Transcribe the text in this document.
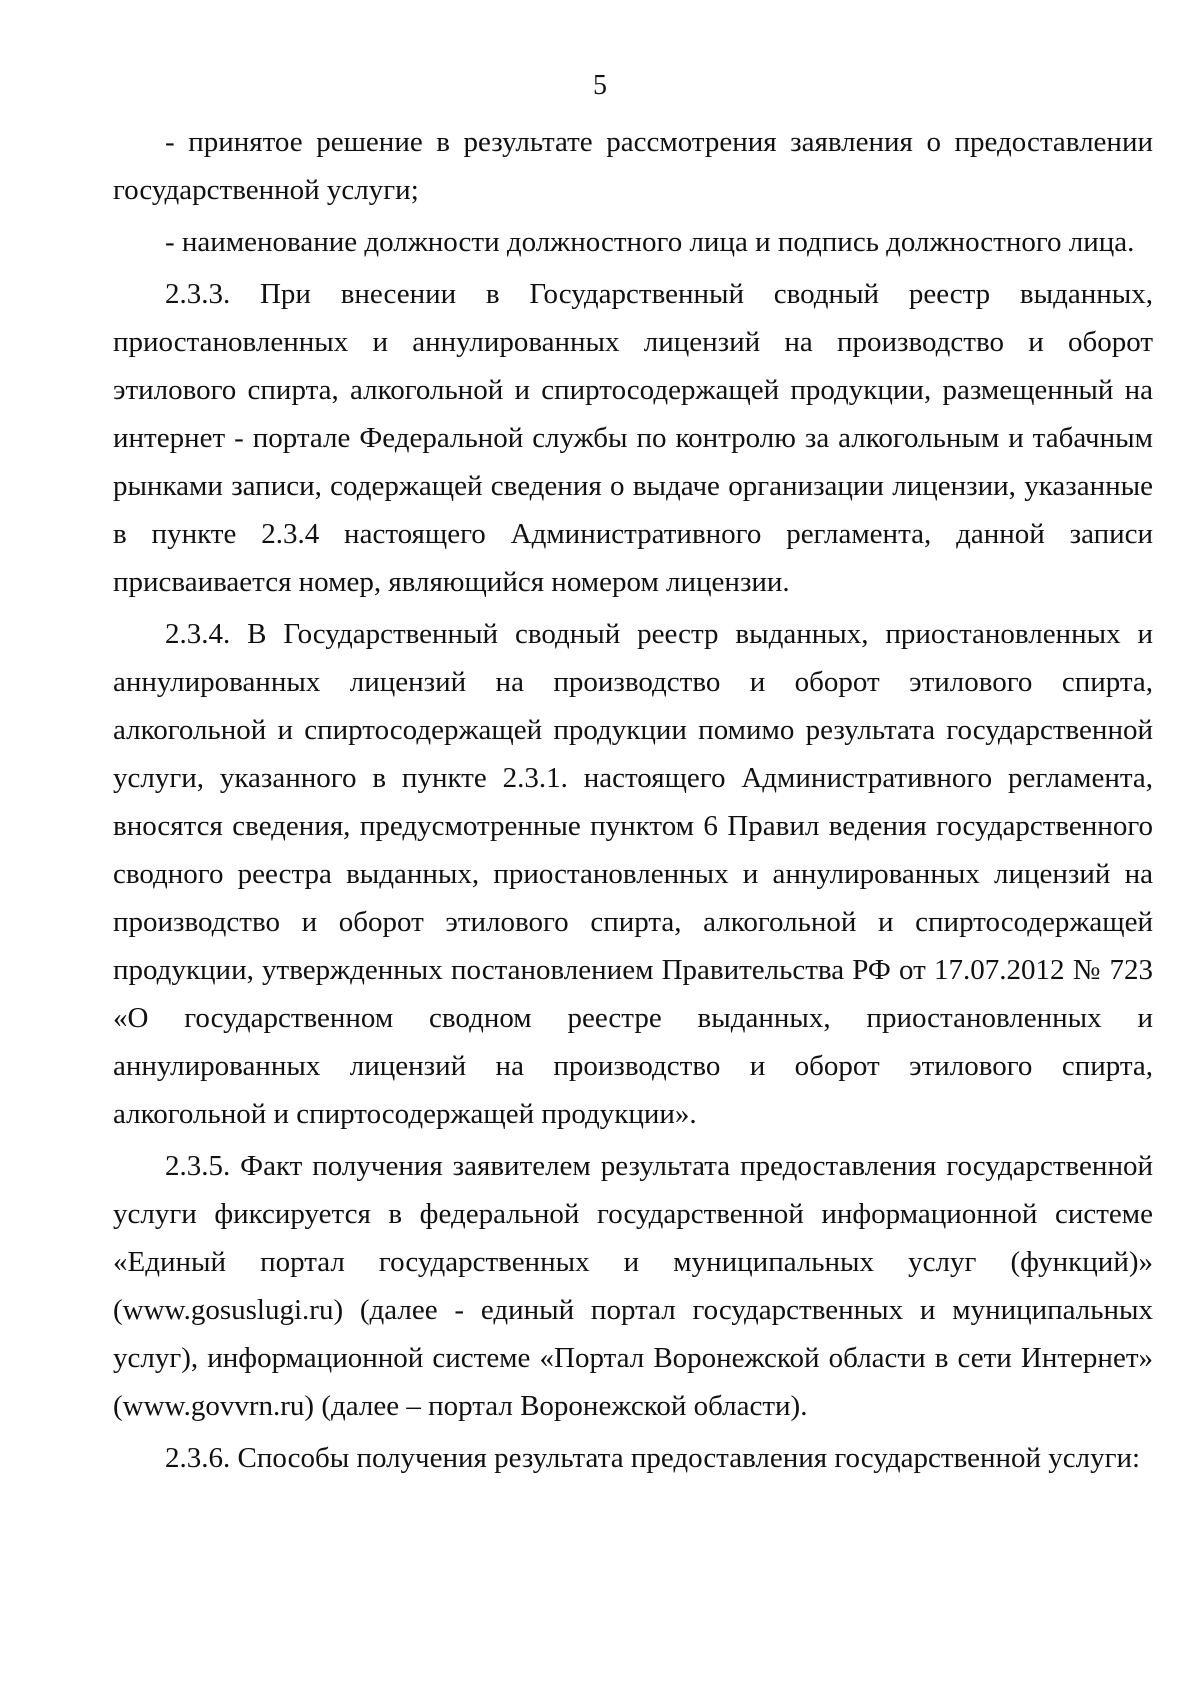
5

- принятое решение в результате рассмотрения заявления о предоставлении государственной услуги;

- наименование должности должностного лица и подпись должностного лица.

2.3.3. При внесении в Государственный сводный реестр выданных, приостановленных и аннулированных лицензий на производство и оборот этилового спирта, алкогольной и спиртосодержащей продукции, размещенный на интернет - портале Федеральной службы по контролю за алкогольным и табачным рынками записи, содержащей сведения о выдаче организации лицензии, указанные в пункте 2.3.4 настоящего Административного регламента, данной записи присваивается номер, являющийся номером лицензии.

2.3.4. В Государственный сводный реестр выданных, приостановленных и аннулированных лицензий на производство и оборот этилового спирта, алкогольной и спиртосодержащей продукции помимо результата государственной услуги, указанного в пункте 2.3.1. настоящего Административного регламента, вносятся сведения, предусмотренные пунктом 6 Правил ведения государственного сводного реестра выданных, приостановленных и аннулированных лицензий на производство и оборот этилового спирта, алкогольной и спиртосодержащей продукции, утвержденных постановлением Правительства РФ от 17.07.2012 № 723 «О государственном сводном реестре выданных, приостановленных и аннулированных лицензий на производство и оборот этилового спирта, алкогольной и спиртосодержащей продукции».

2.3.5. Факт получения заявителем результата предоставления государственной услуги фиксируется в федеральной государственной информационной системе «Единый портал государственных и муниципальных услуг (функций)» (www.gosuslugi.ru) (далее - единый портал государственных и муниципальных услуг), информационной системе «Портал Воронежской области в сети Интернет» (www.govvrn.ru) (далее – портал Воронежской области).

2.3.6. Способы получения результата предоставления государственной услуги:
